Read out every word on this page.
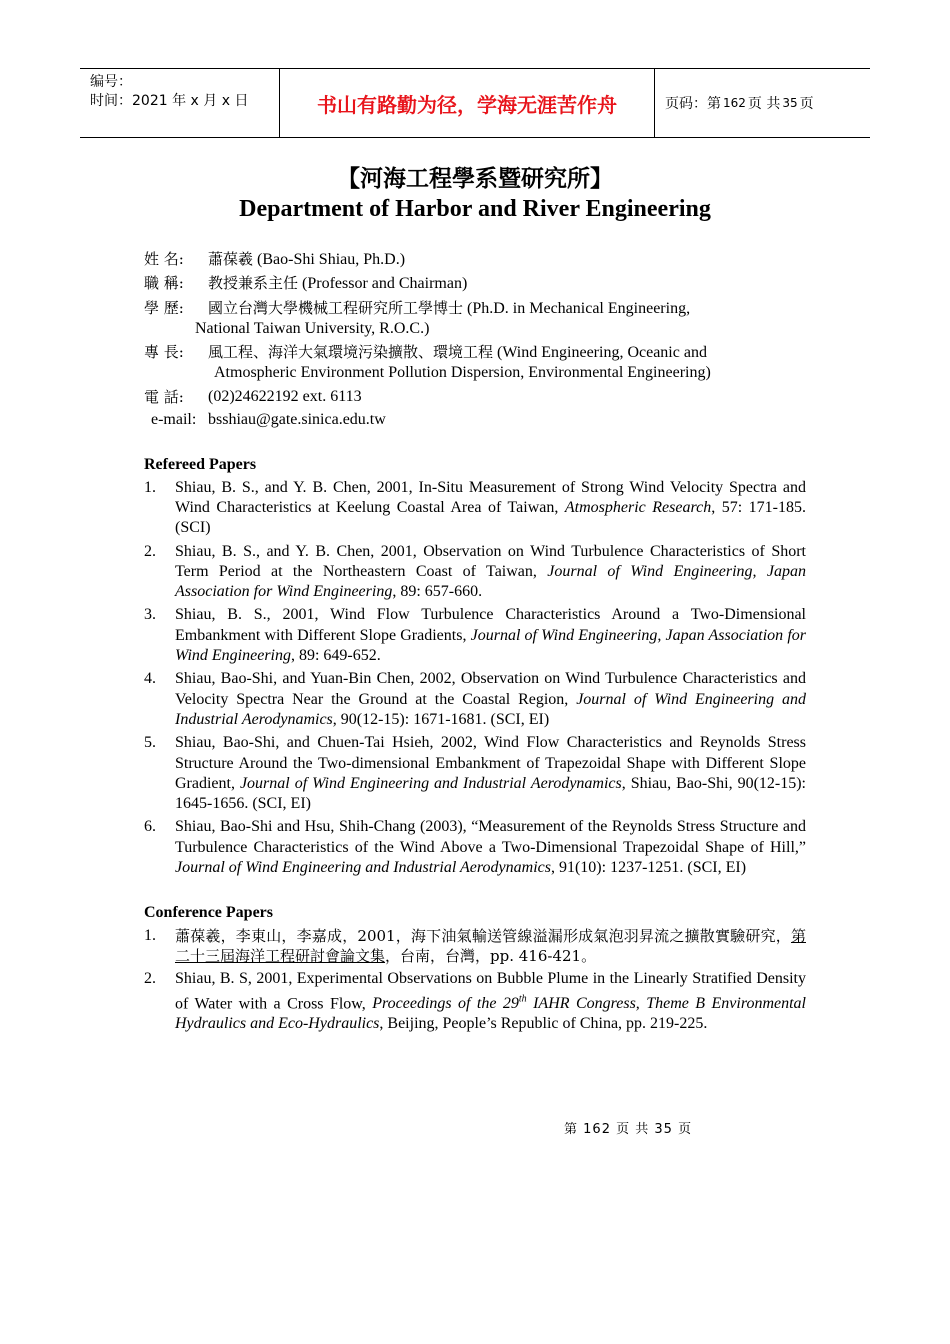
编号：
时间：2021 年 x 月 x 日	书山有路勤为径，学海无涯苦作舟	页码：第 162 页 共 35 页
【河海工程學系暨研究所】
Department of Harbor and River Engineering
姓 名:	蕭葆羲 (Bao-Shi Shiau, Ph.D.)
職 稱:	教授兼系主任 (Professor and Chairman)
學 歷:	國立台灣大學機械工程研究所工學博士 (Ph.D. in Mechanical Engineering,
National Taiwan University, R.O.C.)
專 長:	風工程、海洋大氣環境污染擴散、環境工程 (Wind Engineering, Oceanic and
Atmospheric Environment Pollution Dispersion, Environmental Engineering)
電 話:	(02)24622192 ext. 6113
e-mail: bsshiau@gate.sinica.edu.tw
Refereed Papers
1.	Shiau, B. S., and Y. B. Chen, 2001, In-Situ Measurement of Strong Wind Velocity Spectra and Wind Characteristics at Keelung Coastal Area of Taiwan, Atmospheric Research, 57: 171-185. (SCI)
2.	Shiau, B. S., and Y. B. Chen, 2001, Observation on Wind Turbulence Characteristics of Short Term Period at the Northeastern Coast of Taiwan, Journal of Wind Engineering, Japan Association for Wind Engineering, 89: 657-660.
3.	Shiau, B. S., 2001, Wind Flow Turbulence Characteristics Around a Two-Dimensional Embankment with Different Slope Gradients, Journal of Wind Engineering, Japan Association for Wind Engineering, 89: 649-652.
4.	Shiau, Bao-Shi, and Yuan-Bin Chen, 2002, Observation on Wind Turbulence Characteristics and Velocity Spectra Near the Ground at the Coastal Region, Journal of Wind Engineering and Industrial Aerodynamics, 90(12-15): 1671-1681. (SCI, EI)
5.	Shiau, Bao-Shi, and Chuen-Tai Hsieh, 2002, Wind Flow Characteristics and Reynolds Stress Structure Around the Two-dimensional Embankment of Trapezoidal Shape with Different Slope Gradient, Journal of Wind Engineering and Industrial Aerodynamics, Shiau, Bao-Shi, 90(12-15): 1645-1656. (SCI, EI)
6.	Shiau, Bao-Shi and Hsu, Shih-Chang (2003), “Measurement of the Reynolds Stress Structure and Turbulence Characteristics of the Wind Above a Two-Dimensional Trapezoidal Shape of Hill,” Journal of Wind Engineering and Industrial Aerodynamics, 91(10): 1237-1251. (SCI, EI)
Conference Papers
1.	蕭葆羲，李東山，李嘉成，2001，海下油氣輸送管線溢漏形成氣泡羽昇流之擴散實驗研究，第二十三屆海洋工程研討會論文集，台南，台灣，pp. 416-421。
2.	Shiau, B. S, 2001, Experimental Observations on Bubble Plume in the Linearly Stratified Density of Water with a Cross Flow, Proceedings of the 29th IAHR Congress, Theme B Environmental Hydraulics and Eco-Hydraulics, Beijing, People’s Republic of China, pp. 219-225.
第 162 页 共 35 页
